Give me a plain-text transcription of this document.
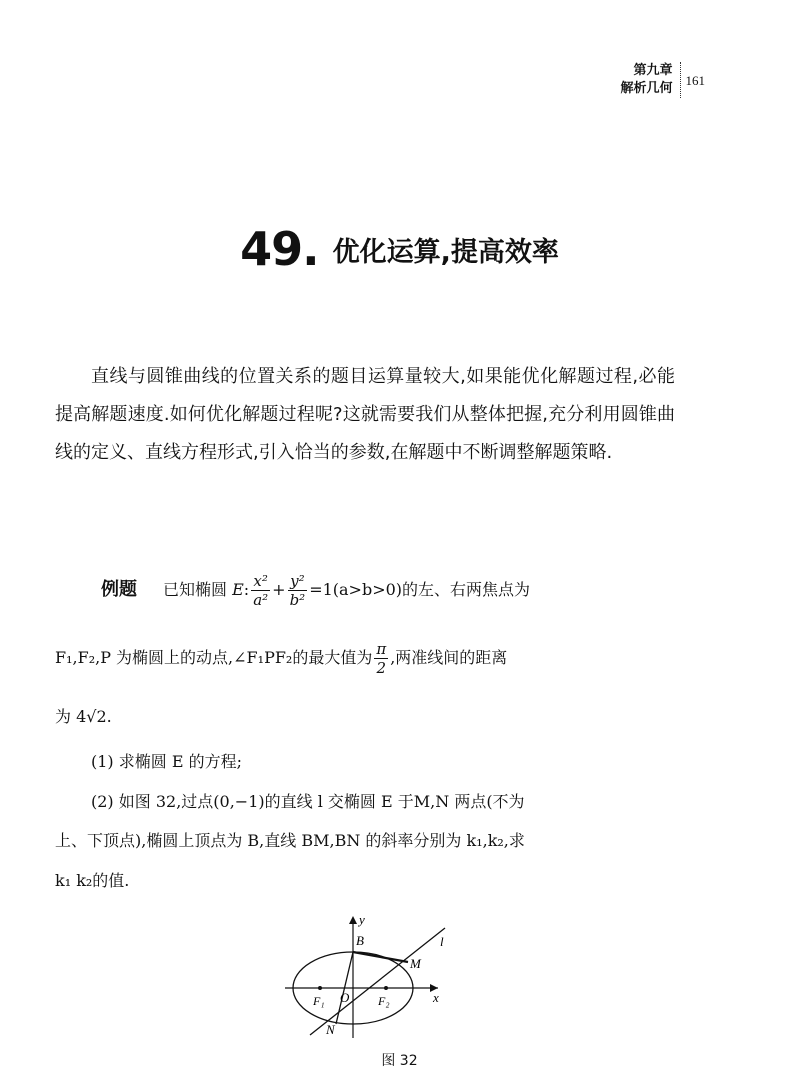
第九章
解析几何
161
49. 优化运算,提高效率
直线与圆锥曲线的位置关系的题目运算量较大,如果能优化解题过程,必能提高解题速度.如何优化解题过程呢?这就需要我们从整体把握,充分利用圆锥曲线的定义、直线方程形式,引入恰当的参数,在解题中不断调整解题策略.
例题 已知椭圆 E: $\frac{\text{x²}}{\text{a²}} + \frac{\text{y²}}{\text{b²}} =1(a>b>0)$的左、右两焦点为
F₁,F₂,P 为椭圆上的动点,∠F₁PF₂的最大值为 $\frac{\pi}{2}$ ,两准线间的距离
为 4√2.
(1) 求椭圆 E 的方程;
(2) 如图 32,过点(0,−1)的直线 l 交椭圆 E 于M,N 两点(不为
上、下顶点),椭圆上顶点为 B,直线 BM,BN 的斜率分别为 k₁,k₂,求
k₁ k₂的值.
y
x
B	l
M
F₁ O F₂
N
图 32
